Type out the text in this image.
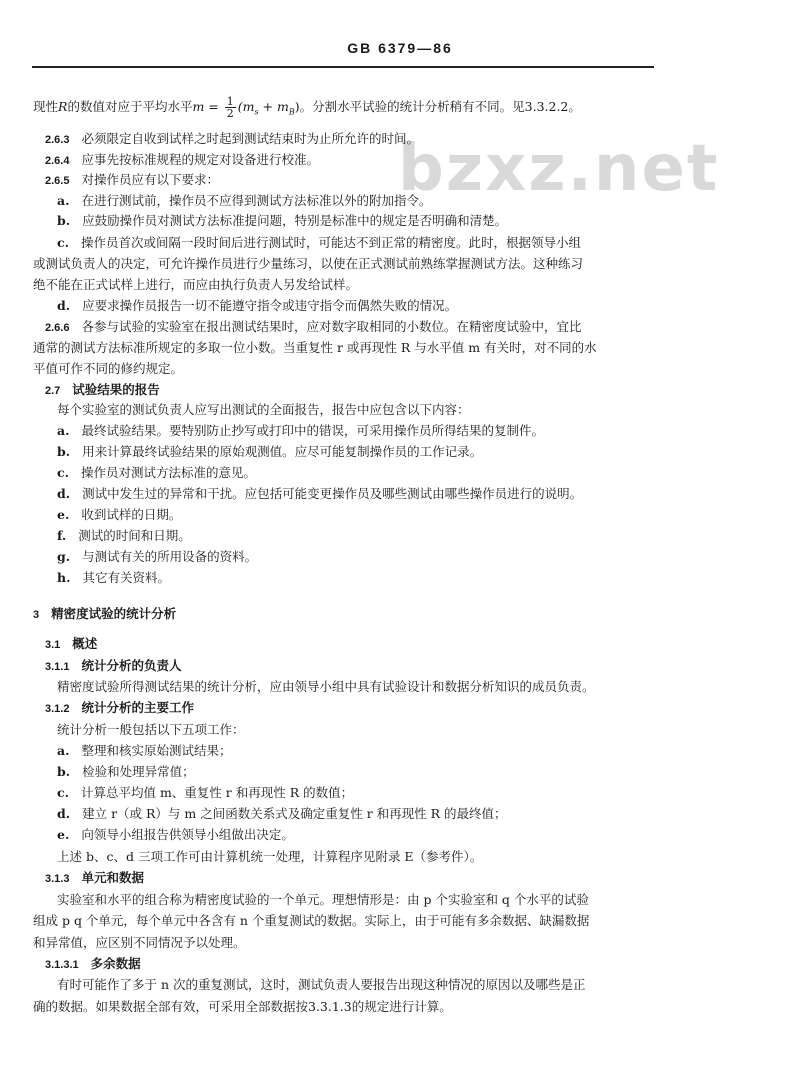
GB 6379—86
bzxz.net
现性R的数值对应于平均水平$m = \frac{1}{2} (m_s + m_B)$。分割水平试验的统计分析稍有不同。见3.3.2.2。
2.6.3 必须限定自收到试样之时起到测试结束时为止所允许的时间。
2.6.4 应事先按标准规程的规定对设备进行校准。
2.6.5 对操作员应有以下要求：
a. 在进行测试前，操作员不应得到测试方法标准以外的附加指令。
b. 应鼓励操作员对测试方法标准提问题，特别是标准中的规定是否明确和清楚。
c. 操作员首次或间隔一段时间后进行测试时，可能达不到正常的精密度。此时，根据领导小组
或测试负责人的决定，可允许操作员进行少量练习，以使在正式测试前熟练掌握测试方法。这种练习
绝不能在正式试样上进行，而应由执行负责人另发给试样。
d. 应要求操作员报告一切不能遵守指令或违守指令而偶然失败的情况。
2.6.6 各参与试验的实验室在报出测试结果时，应对数字取相同的小数位。在精密度试验中，宜比
通常的测试方法标准所规定的多取一位小数。当重复性 r 或再现性 R 与水平值 m 有关时，对不同的水
平值可作不同的修约规定。
2.7 试验结果的报告
每个实验室的测试负责人应写出测试的全面报告，报告中应包含以下内容：
a. 最终试验结果。要特别防止抄写或打印中的错误，可采用操作员所得结果的复制件。
b. 用来计算最终试验结果的原始观测值。应尽可能复制操作员的工作记录。
c. 操作员对测试方法标准的意见。
d. 测试中发生过的异常和干扰。应包括可能变更操作员及哪些测试由哪些操作员进行的说明。
e. 收到试样的日期。
f. 测试的时间和日期。
g. 与测试有关的所用设备的资料。
h. 其它有关资料。
3 精密度试验的统计分析
3.1 概述
3.1.1 统计分析的负责人
精密度试验所得测试结果的统计分析，应由领导小组中具有试验设计和数据分析知识的成员负责。
3.1.2 统计分析的主要工作
统计分析一般包括以下五项工作：
a. 整理和核实原始测试结果；
b. 检验和处理异常值；
c. 计算总平均值 m、重复性 r 和再现性 R 的数值；
d. 建立 r（或 R）与 m 之间函数关系式及确定重复性 r 和再现性 R 的最终值；
e. 向领导小组报告供领导小组做出决定。
上述 b、c、d 三项工作可由计算机统一处理，计算程序见附录 E（参考件）。
3.1.3 单元和数据
实验室和水平的组合称为精密度试验的一个单元。理想情形是：由 p 个实验室和 q 个水平的试验
组成 p q 个单元，每个单元中各含有 n 个重复测试的数据。实际上，由于可能有多余数据、缺漏数据
和异常值，应区别不同情况予以处理。
3.1.3.1 多余数据
有时可能作了多于 n 次的重复测试，这时，测试负责人要报告出现这种情况的原因以及哪些是正
确的数据。如果数据全部有效，可采用全部数据按3.3.1.3的规定进行计算。
